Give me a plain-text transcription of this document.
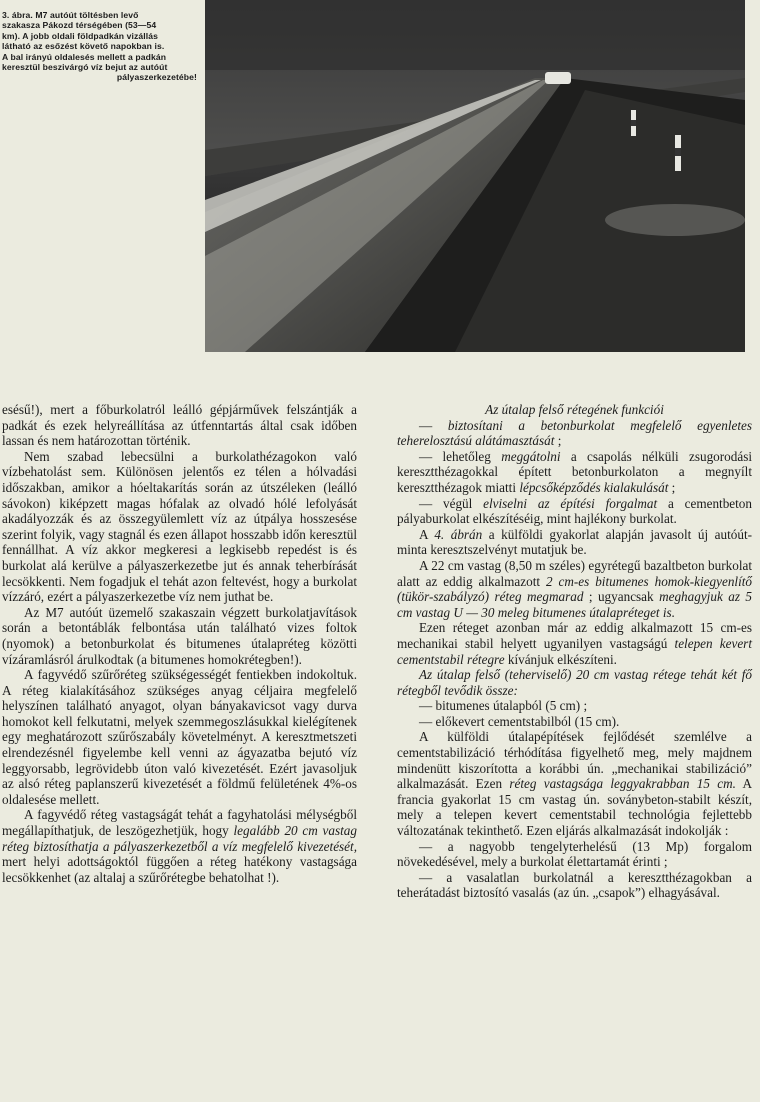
3. ábra. M7 autóút töltésben levő
szakasza Pákozd térségében (53—54
km). A jobb oldali földpadkán vizállás
látható az esőzést követő napokban is.
A bal irányú oldalesés mellett a padkán
keresztül beszivárgó víz bejut az autóút
pályaszerkezetébe!

esésű!), mert a főburkolatról leálló gépjárművek felszántják a padkát és ezek helyreállítása az útfenntartás által csak időben lassan és nem határozottan történik.

Nem szabad lebecsülni a burkolathézagokon való vízbehatolást sem. Különösen jelentős ez télen a hólvadási időszakban, amikor a hóeltakarítás során az útszéleken (leálló sávokon) kiképzett magas hófalak az olvadó hólé lefolyását akadályozzák és az összegyülemlett víz az útpálya hosszesése szerint folyik, vagy stagnál és ezen állapot hosszabb időn keresztül fennállhat. A víz akkor megkeresi a legkisebb repedést is és burkolat alá kerülve a pályaszerkezetbe jut és annak teherbírását lecsökkenti. Nem fogadjuk el tehát azon feltevést, hogy a burkolat vízzáró, ezért a pályaszerkezetbe víz nem juthat be.

Az M7 autóút üzemelő szakaszain végzett burkolatjavítások során a betontáblák felbontása után található vizes foltok (nyomok) a betonburkolat és bitumenes útalapréteg közötti vízáramlásról árulkodtak (a bitumenes homokrétegben!).

A fagyvédő szűrőréteg szükségességét fentiekben indokoltuk. A réteg kialakításához szükséges anyag céljaira megfelelő helyszínen található anyagot, olyan bányakavicsot vagy durva homokot kell felkutatni, melyek szemmegoszlásukkal kielégítenek egy meghatározott szűrőszabály követelményt. A keresztmetszeti elrendezésnél figyelembe kell venni az ágyazatba bejutó víz leggyorsabb, legrövidebb úton való kivezetését. Ezért javasoljuk az alsó réteg paplanszerű kivezetését a földmű felületének 4%-os oldalesése mellett.

A fagyvédő réteg vastagságát tehát a fagyhatolási mélységből megállapíthatjuk, de leszögezhetjük, hogy legalább 20 cm vastag réteg biztosíthatja a pályaszerkezetből a víz megfelelő kivezetését, mert helyi adottságoktól függően a réteg hatékony vastagsága lecsökkenhet (az altalaj a szűrőrétegbe behatolhat !).

Az útalap felső rétegének funkciói

— biztosítani a betonburkolat megfelelő egyenletes teherelosztású alátámasztását ;

— lehetőleg meggátolni a csapolás nélküli zsugorodási keresztthézagokkal épített betonburkolaton a megnyílt keresztthézagok miatti lépcsőképződés kialakulását ;

— végül elviselni az építési forgalmat a cementbeton pályaburkolat elkészítéséig, mint hajlékony burkolat.

A 4. ábrán a külföldi gyakorlat alapján javasolt új autóút-minta keresztszelvényt mutatjuk be.

A 22 cm vastag (8,50 m széles) egyrétegű bazaltbeton burkolat alatt az eddig alkalmazott 2 cm-es bitumenes homok-kiegyenlítő (tükör-szabályzó) réteg megmarad ; ugyancsak meghagyjuk az 5 cm vastag U — 30 meleg bitumenes útalapréteget is.

Ezen réteget azonban már az eddig alkalmazott 15 cm-es mechanikai stabil helyett ugyanilyen vastagságú telepen kevert cementstabil rétegre kívánjuk elkészíteni.

Az útalap felső (teherviselő) 20 cm vastag rétege tehát két fő rétegből tevődik össze:

— bitumenes útalapból (5 cm) ;

— előkevert cementstabilból (15 cm).

A külföldi útalapépítések fejlődését szemlélve a cementstabilizáció térhódítása figyelhető meg, mely majdnem mindenütt kiszorította a korábbi ún. „mechanikai stabilizáció” alkalmazását. Ezen réteg vastagsága leggyakrabban 15 cm. A francia gyakorlat 15 cm vastag ún. soványbeton-stabilt készít, mely a telepen kevert cementstabil technológia fejlettebb változatának tekinthető. Ezen eljárás alkalmazását indokolják :

— a nagyobb tengelyterhelésű (13 Mp) forgalom növekedésével, mely a burkolat élettartamát érinti ;

— a vasalatlan burkolatnál a keresztthézagokban a teherátadást biztosító vasalás (az ún. „csapok”) elhagyásával.
